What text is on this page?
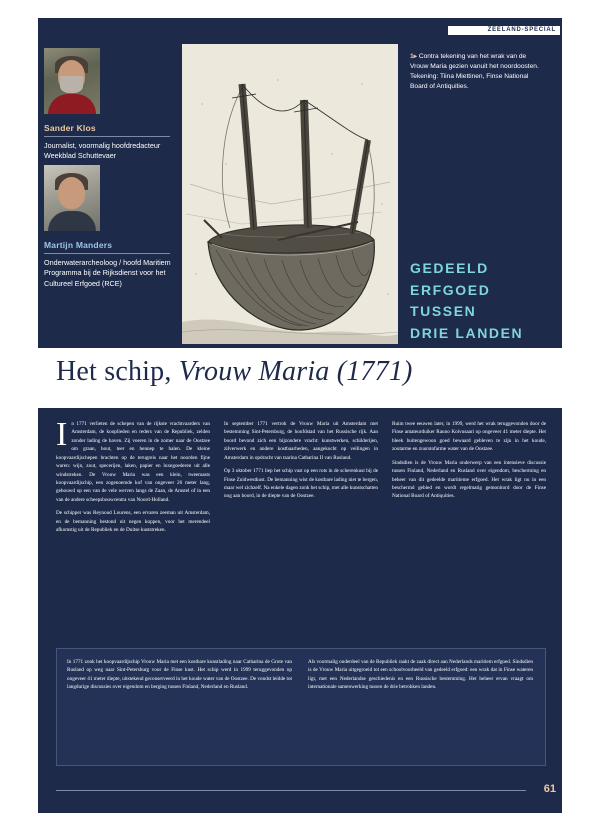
ZEELAND-SPECIAL
Sander Klos
Journalist, voormalig hoofdredacteur Weekblad Schuttevaer
Martijn Manders
Onderwaterarcheoloog / hoofd Maritiem Programma bij de Rijksdienst voor het Cultureel Erfgoed (RCE)
1▸ Contra tekening van het wrak van de Vrouw Maria gezien vanuit het noordoosten. Tekening: Tiina Miettinen, Finse National Board of Antiquities.
GEDEELD
ERFGOED
TUSSEN
DRIE LANDEN
Het schip, Vrouw Maria (1771)

In 1771 verlieten de schepen van de rijkste vrachtvaarders van Amsterdam, de kooplieden en reders van de Republiek, zelden zonder lading de haven. Zij voeren in de zomer naar de Oostzee om graan, hout, teer en hennep te halen. De kleine koopvaardijschepen brachten op de terugreis naar het noorden fijne waren: wijn, zout, specerijen, laken, papier en luxegoederen uit alle windstreken. De Vrouw Maria was een klein, tweemasts koopvaardijschip, een zogenoemde kof van ongeveer 26 meter lang, gebouwd op een van de vele werven langs de Zaan, de Amstel of in een van de andere scheepsbouwcentra van Noord-Holland.

De schipper was Reynoud Lourens, een ervaren zeeman uit Amsterdam, en de bemanning bestond uit negen koppen, voor het merendeel afkomstig uit de Republiek en de Duitse kuststreken.

In september 1771 vertrok de Vrouw Maria uit Amsterdam met bestemming Sint-Petersburg, de hoofdstad van het Russische rijk. Aan boord bevond zich een bijzondere vracht: kunstwerken, schilderijen, zilverwerk en andere kostbaarheden, aangekocht op veilingen in Amsterdam in opdracht van tsarina Catharina II van Rusland.

Op 3 oktober 1771 liep het schip vast op een rots in de scherenkust bij de Finse Zuidwestkust. De bemanning wist de kostbare lading niet te bergen, maar wel zichzelf. Na enkele dagen zonk het schip, met alle kunstschatten nog aan boord, in de diepte van de Oostzee.

Ruim twee eeuwen later, in 1999, werd het wrak teruggevonden door de Finse amateurduiker Rauno Koivusaari op ongeveer 41 meter diepte. Het bleek buitengewoon goed bewaard gebleven te zijn in het koude, zoutarme en zuurstofarme water van de Oostzee.

Sindsdien is de Vrouw Maria onderwerp van een intensieve discussie tussen Finland, Nederland en Rusland over eigendom, bescherming en beheer van dit gedeelde maritieme erfgoed. Het wrak ligt nu in een beschermd gebied en wordt regelmatig gemonitord door de Finse National Board of Antiquities.

In 1771 zonk het koopvaardijschip Vrouw Maria met een kostbare kunstlading naar Catharina de Grote van Rusland op weg naar Sint-Petersburg voor de Finse kust. Het schip werd in 1999 teruggevonden op ongeveer 41 meter diepte, uitstekend geconserveerd in het koude water van de Oostzee. De vondst leidde tot langdurige discussies over eigendom en berging tussen Finland, Nederland en Rusland.

Als voormalig onderdeel van de Republiek raakt de zaak direct aan Nederlands maritiem erfgoed. Sindsdien is de Vrouw Maria uitgegroeid tot een schoolvoorbeeld van gedeeld erfgoed: een wrak dat in Finse wateren ligt, met een Nederlandse geschiedenis en een Russische bestemming. Het beheer ervan vraagt om internationale samenwerking tussen de drie betrokken landen.

61
